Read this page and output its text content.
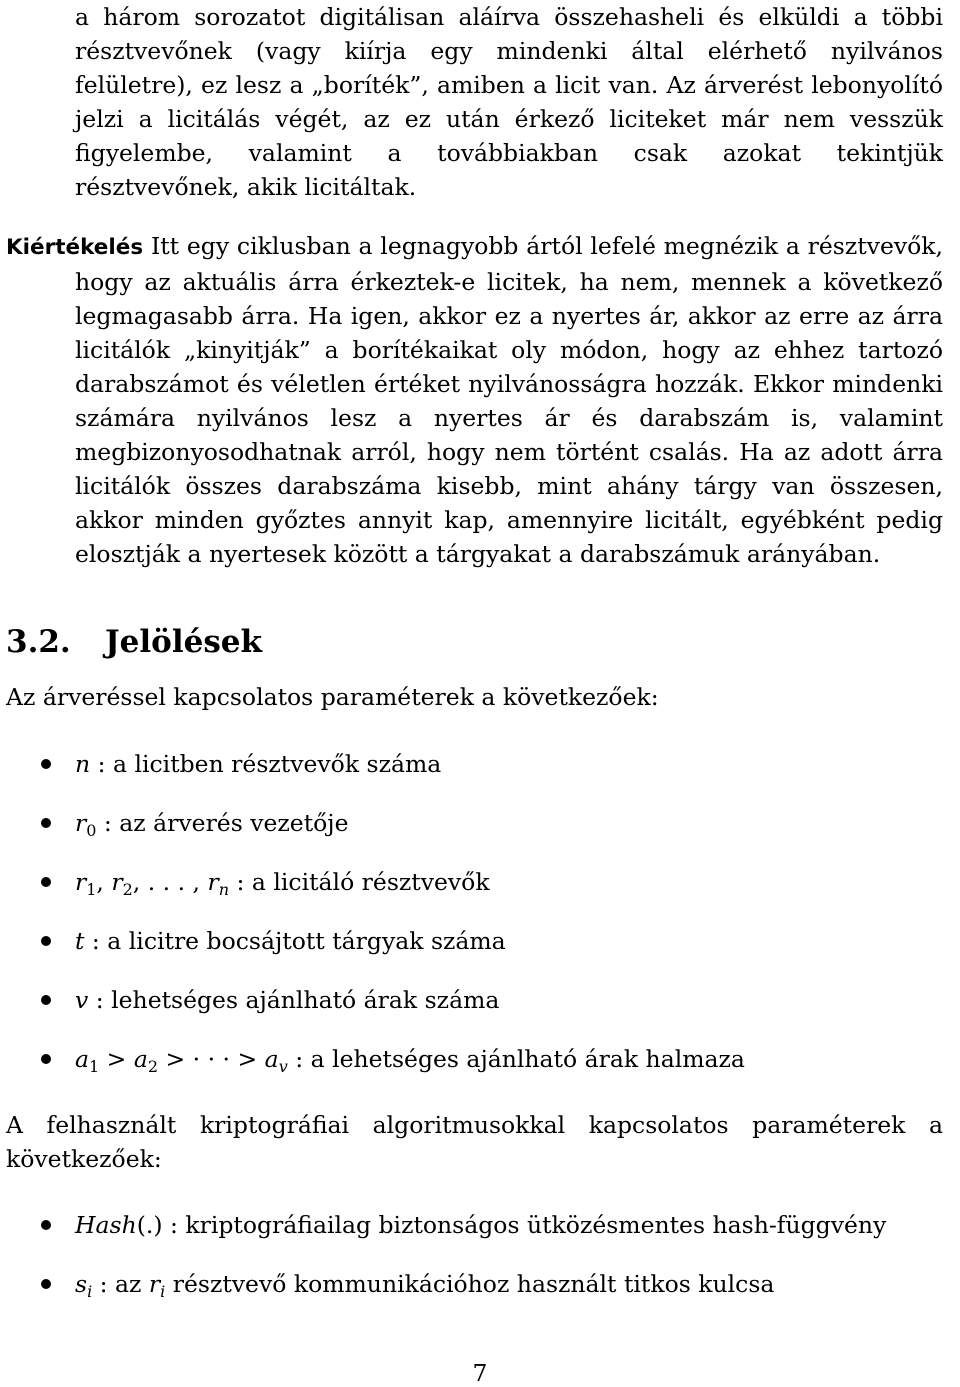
a három sorozatot digitálisan aláírva összehasheli és elküldi a többi résztvevőnek (vagy kiírja egy mindenki által elérhető nyilvános felületre), ez lesz a „boríték”, amiben a licit van. Az árverést lebonyolító jelzi a licitálás végét, az ez után érkező liciteket már nem vesszük figyelembe, valamint a továbbiakban csak azokat tekintjük résztvevőnek, akik licitáltak.

Kiértékelés Itt egy ciklusban a legnagyobb ártól lefelé megnézik a résztvevők, hogy az aktuális árra érkeztek-e licitek, ha nem, mennek a következő legmagasabb árra. Ha igen, akkor ez a nyertes ár, akkor az erre az árra licitálók „kinyitják” a borítékaikat oly módon, hogy az ehhez tartozó darabszámot és véletlen értéket nyilvánosságra hozzák. Ekkor mindenki számára nyilvános lesz a nyertes ár és darabszám is, valamint megbizonyosodhatnak arról, hogy nem történt csalás. Ha az adott árra licitálók összes darabszáma kisebb, mint ahány tárgy van összesen, akkor minden győztes annyit kap, amennyire licitált, egyébként pedig elosztják a nyertesek között a tárgyakat a darabszámuk arányában.

3.2. Jelölések

Az árveréssel kapcsolatos paraméterek a következőek:

n : a licitben résztvevők száma
$r_0$ : az árverés vezetője
$r_1$, $r_2$, . . . , $r_n$ : a licitáló résztvevők
t : a licitre bocsájtott tárgyak száma
v : lehetséges ajánlható árak száma
$a_1 > a_2$ > · · · > $a_v$ : a lehetséges ajánlható árak halmaza

A felhasznált kriptográfiai algoritmusokkal kapcsolatos paraméterek a következőek:

Hash(.) : kriptográfiailag biztonságos ütközésmentes hash-függvény
$s_i$ : az $r_i$ résztvevő kommunikációhoz használt titkos kulcsa
7
